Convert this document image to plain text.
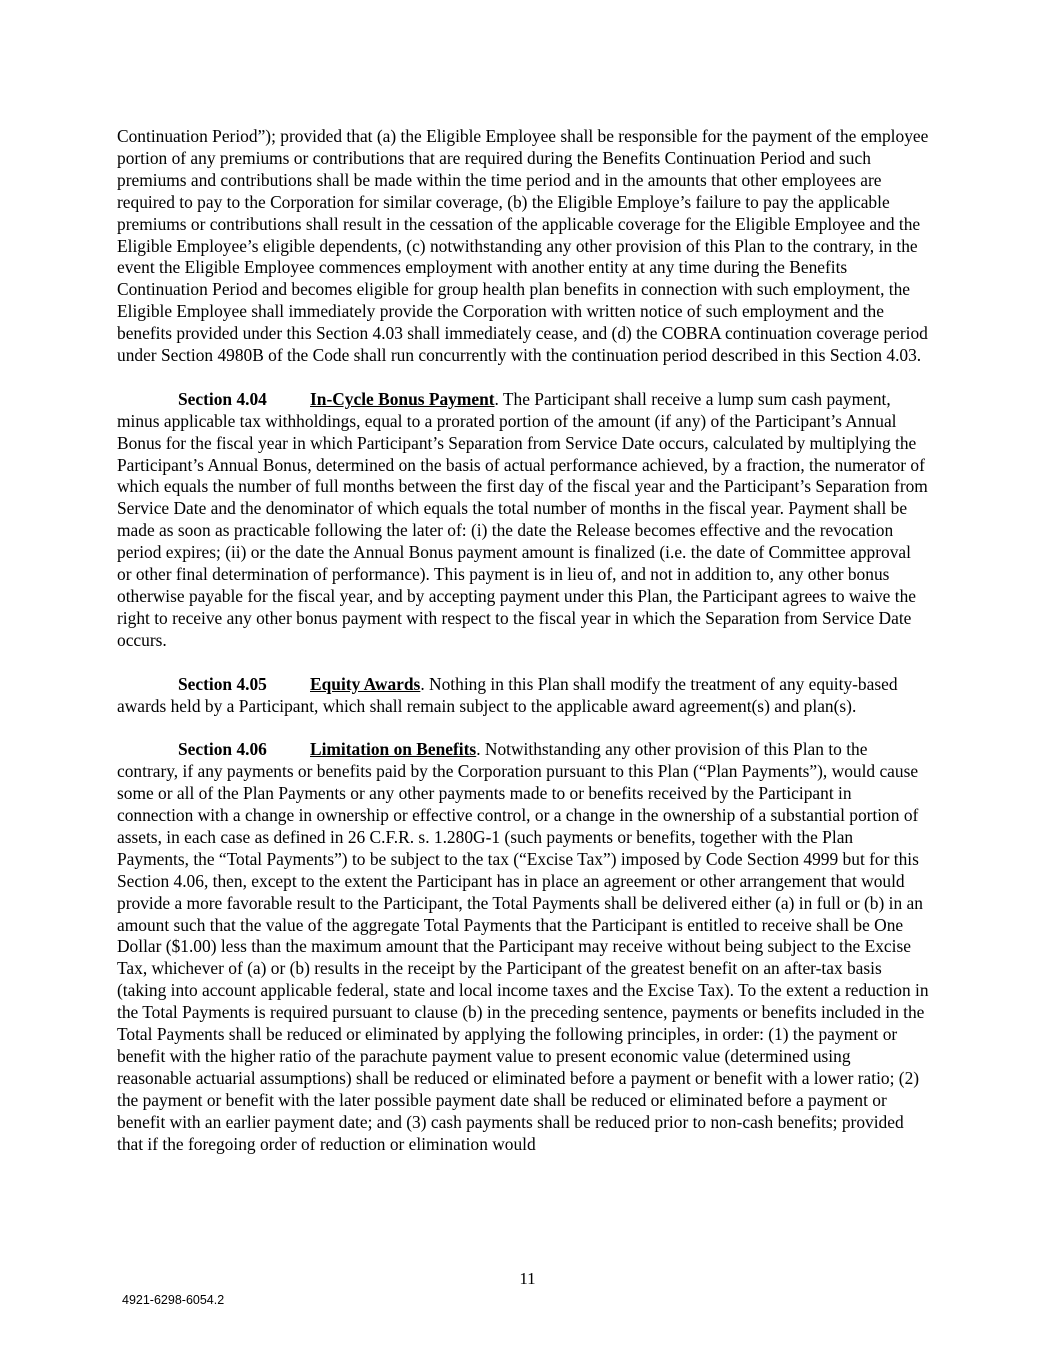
Continuation Period”); provided that (a) the Eligible Employee shall be responsible for the payment of the employee portion of any premiums or contributions that are required during the Benefits Continuation Period and such premiums and contributions shall be made within the time period and in the amounts that other employees are required to pay to the Corporation for similar coverage, (b) the Eligible Employe’s failure to pay the applicable premiums or contributions shall result in the cessation of the applicable coverage for the Eligible Employee and the Eligible Employee’s eligible dependents, (c) notwithstanding any other provision of this Plan to the contrary, in the event the Eligible Employee commences employment with another entity at any time during the Benefits Continuation Period and becomes eligible for group health plan benefits in connection with such employment, the Eligible Employee shall immediately provide the Corporation with written notice of such employment and the benefits provided under this Section 4.03 shall immediately cease, and (d) the COBRA continuation coverage period under Section 4980B of the Code shall run concurrently with the continuation period described in this Section 4.03.

Section 4.04 In-Cycle Bonus Payment. The Participant shall receive a lump sum cash payment, minus applicable tax withholdings, equal to a prorated portion of the amount (if any) of the Participant’s Annual Bonus for the fiscal year in which Participant’s Separation from Service Date occurs, calculated by multiplying the Participant’s Annual Bonus, determined on the basis of actual performance achieved, by a fraction, the numerator of which equals the number of full months between the first day of the fiscal year and the Participant’s Separation from Service Date and the denominator of which equals the total number of months in the fiscal year. Payment shall be made as soon as practicable following the later of: (i) the date the Release becomes effective and the revocation period expires; (ii) or the date the Annual Bonus payment amount is finalized (i.e. the date of Committee approval or other final determination of performance). This payment is in lieu of, and not in addition to, any other bonus otherwise payable for the fiscal year, and by accepting payment under this Plan, the Participant agrees to waive the right to receive any other bonus payment with respect to the fiscal year in which the Separation from Service Date occurs.

Section 4.05 Equity Awards. Nothing in this Plan shall modify the treatment of any equity-based awards held by a Participant, which shall remain subject to the applicable award agreement(s) and plan(s).

Section 4.06 Limitation on Benefits. Notwithstanding any other provision of this Plan to the contrary, if any payments or benefits paid by the Corporation pursuant to this Plan (“Plan Payments”), would cause some or all of the Plan Payments or any other payments made to or benefits received by the Participant in connection with a change in ownership or effective control, or a change in the ownership of a substantial portion of assets, in each case as defined in 26 C.F.R. s. 1.280G-1 (such payments or benefits, together with the Plan Payments, the “Total Payments”) to be subject to the tax (“Excise Tax”) imposed by Code Section 4999 but for this Section 4.06, then, except to the extent the Participant has in place an agreement or other arrangement that would provide a more favorable result to the Participant, the Total Payments shall be delivered either (a) in full or (b) in an amount such that the value of the aggregate Total Payments that the Participant is entitled to receive shall be One Dollar ($1.00) less than the maximum amount that the Participant may receive without being subject to the Excise Tax, whichever of (a) or (b) results in the receipt by the Participant of the greatest benefit on an after-tax basis (taking into account applicable federal, state and local income taxes and the Excise Tax). To the extent a reduction in the Total Payments is required pursuant to clause (b) in the preceding sentence, payments or benefits included in the Total Payments shall be reduced or eliminated by applying the following principles, in order: (1) the payment or benefit with the higher ratio of the parachute payment value to present economic value (determined using reasonable actuarial assumptions) shall be reduced or eliminated before a payment or benefit with a lower ratio; (2) the payment or benefit with the later possible payment date shall be reduced or eliminated before a payment or benefit with an earlier payment date; and (3) cash payments shall be reduced prior to non-cash benefits; provided that if the foregoing order of reduction or elimination would

11
4921-6298-6054.2
